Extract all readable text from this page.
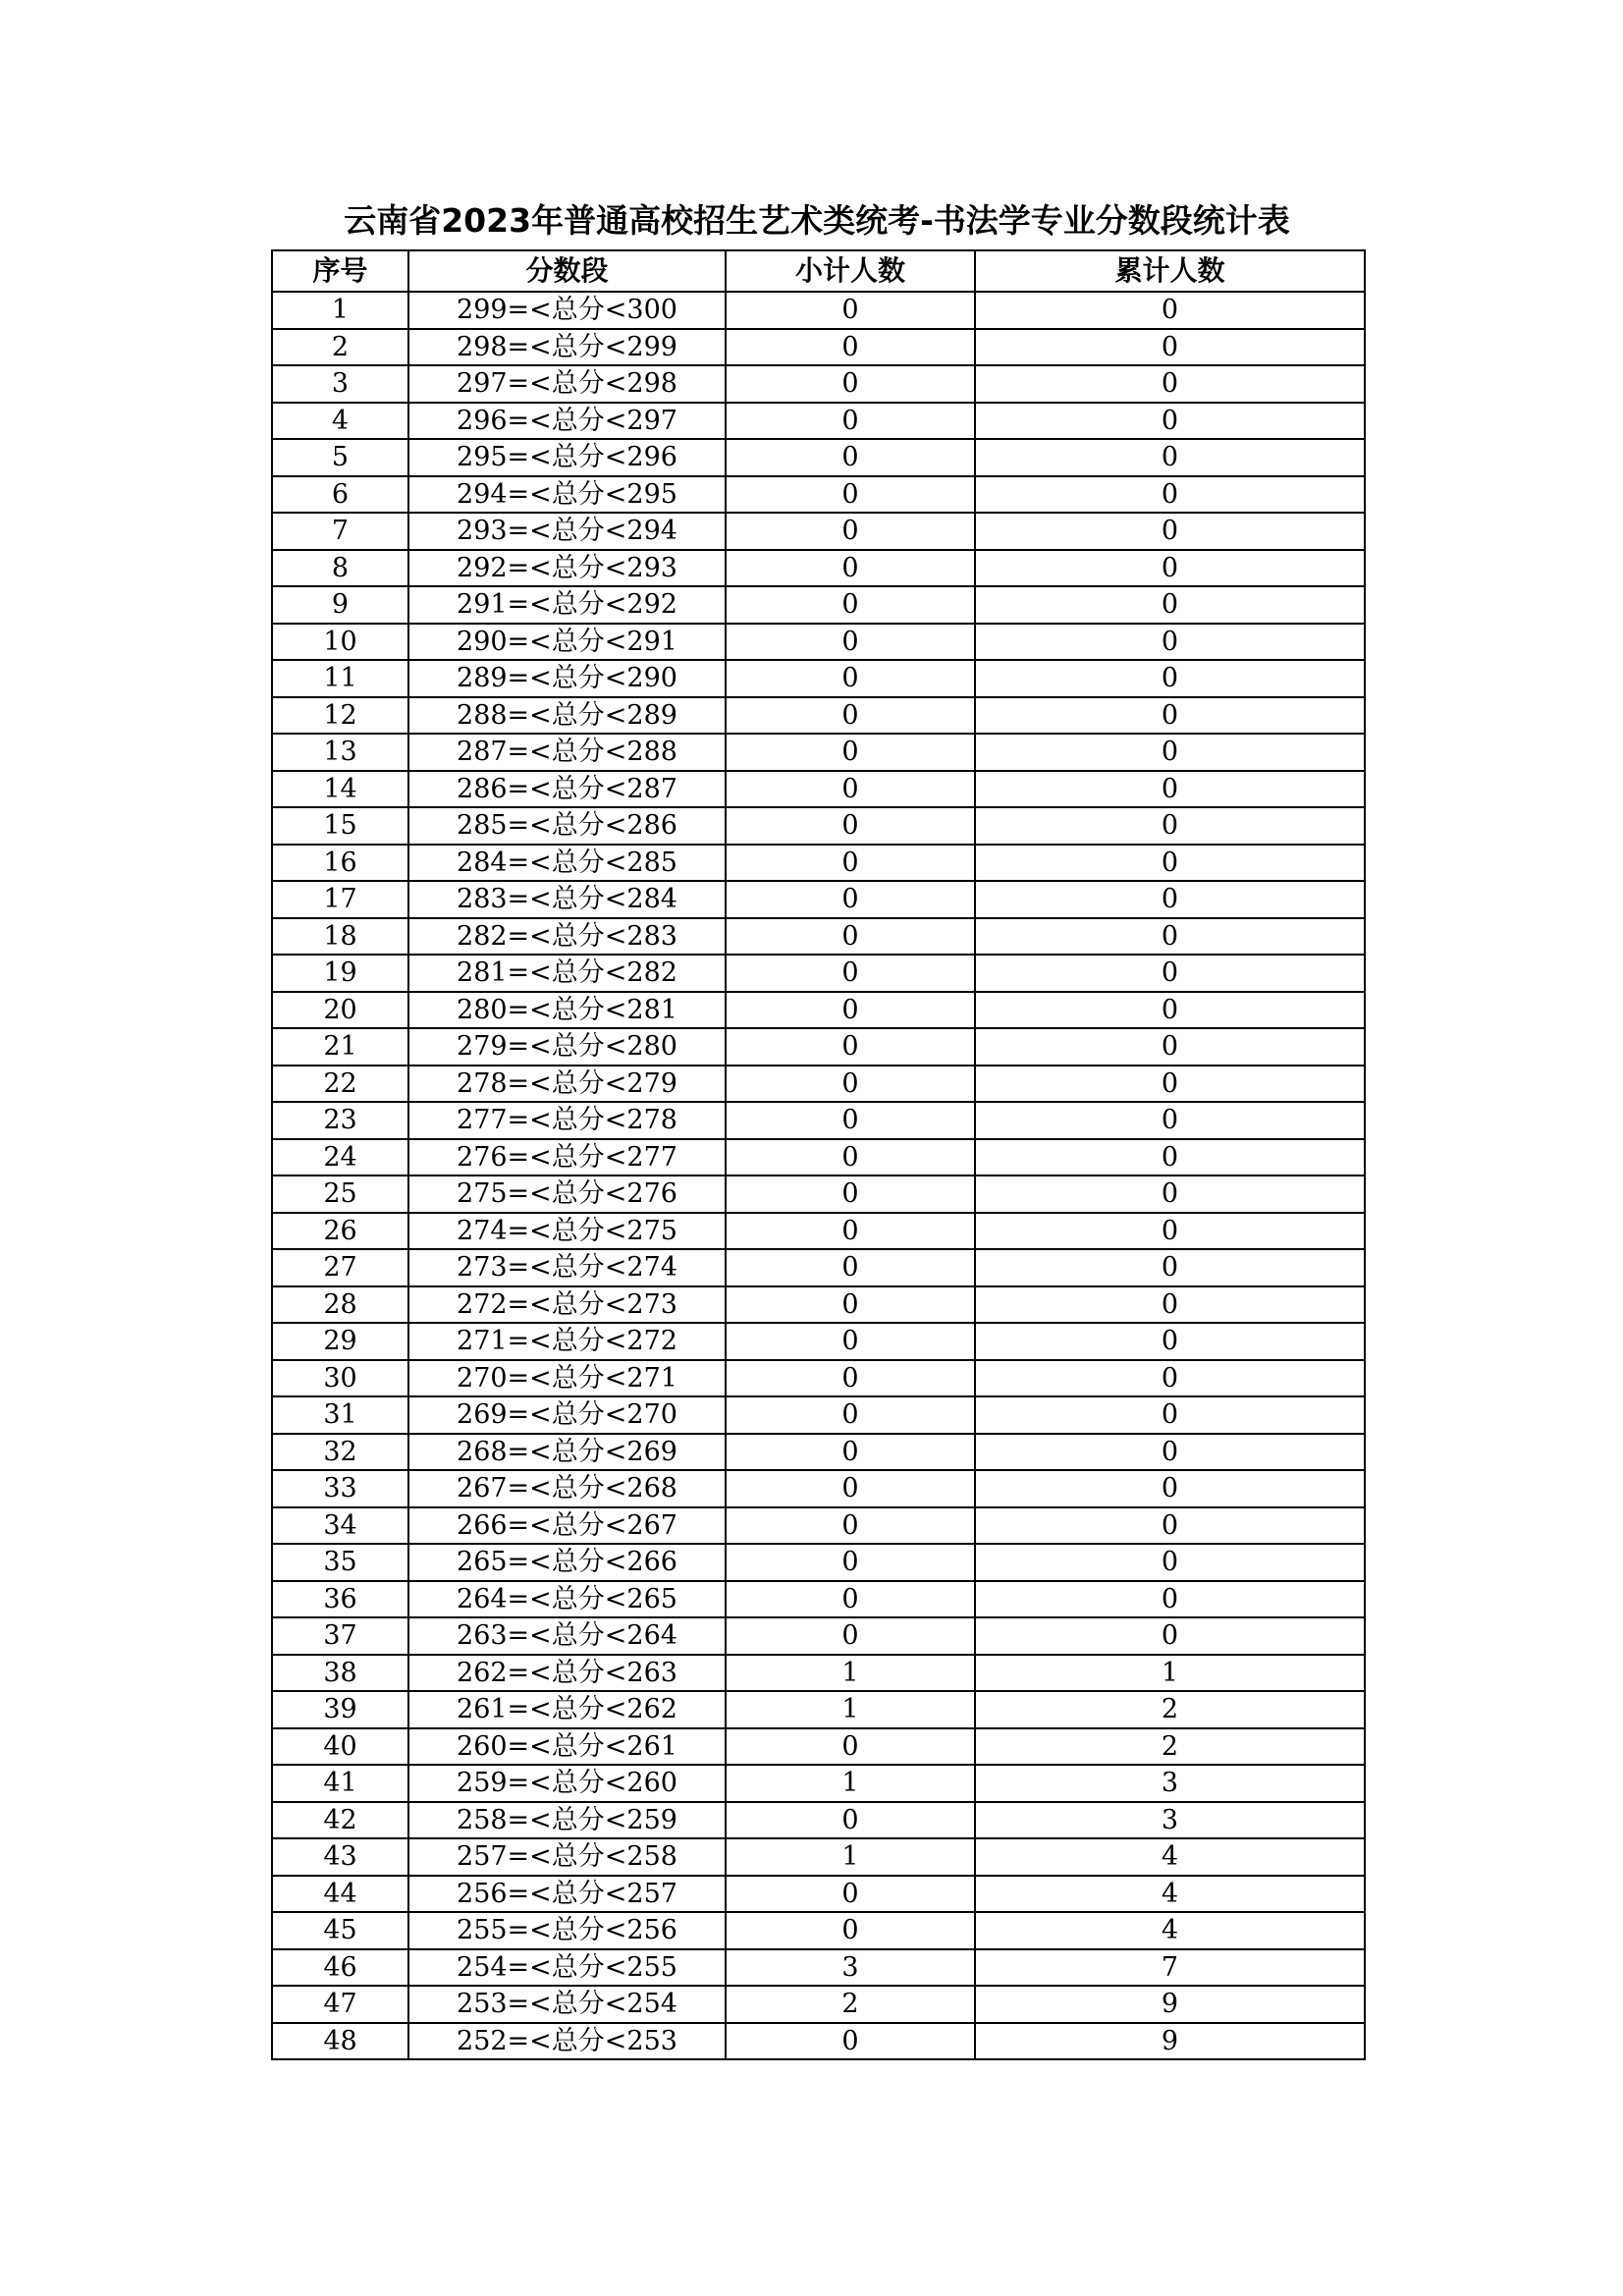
云南省2023年普通高校招生艺术类统考-书法学专业分数段统计表
序号	分数段	小计人数	累计人数
1	299=<总分<300	0	0
2	298=<总分<299	0	0
3	297=<总分<298	0	0
4	296=<总分<297	0	0
5	295=<总分<296	0	0
6	294=<总分<295	0	0
7	293=<总分<294	0	0
8	292=<总分<293	0	0
9	291=<总分<292	0	0
10	290=<总分<291	0	0
11	289=<总分<290	0	0
12	288=<总分<289	0	0
13	287=<总分<288	0	0
14	286=<总分<287	0	0
15	285=<总分<286	0	0
16	284=<总分<285	0	0
17	283=<总分<284	0	0
18	282=<总分<283	0	0
19	281=<总分<282	0	0
20	280=<总分<281	0	0
21	279=<总分<280	0	0
22	278=<总分<279	0	0
23	277=<总分<278	0	0
24	276=<总分<277	0	0
25	275=<总分<276	0	0
26	274=<总分<275	0	0
27	273=<总分<274	0	0
28	272=<总分<273	0	0
29	271=<总分<272	0	0
30	270=<总分<271	0	0
31	269=<总分<270	0	0
32	268=<总分<269	0	0
33	267=<总分<268	0	0
34	266=<总分<267	0	0
35	265=<总分<266	0	0
36	264=<总分<265	0	0
37	263=<总分<264	0	0
38	262=<总分<263	1	1
39	261=<总分<262	1	2
40	260=<总分<261	0	2
41	259=<总分<260	1	3
42	258=<总分<259	0	3
43	257=<总分<258	1	4
44	256=<总分<257	0	4
45	255=<总分<256	0	4
46	254=<总分<255	3	7
47	253=<总分<254	2	9
48	252=<总分<253	0	9
